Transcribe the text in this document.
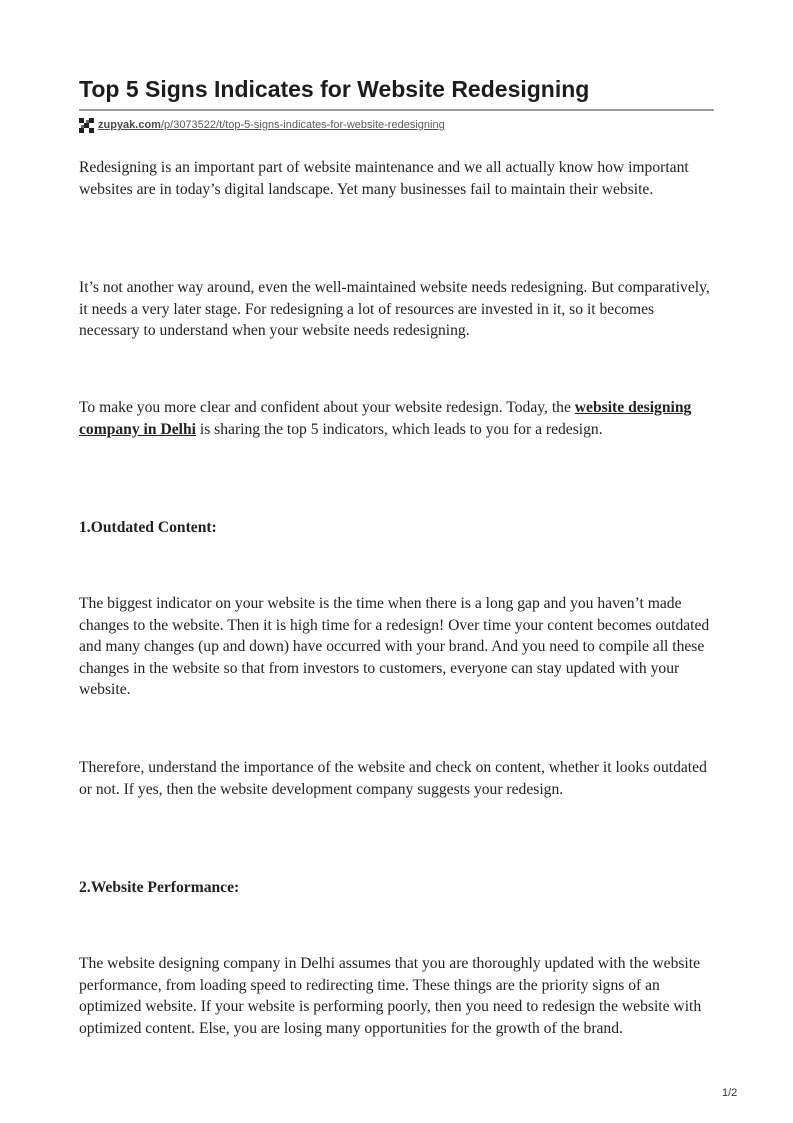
Top 5 Signs Indicates for Website Redesigning
zupyak.com/p/3073522/t/top-5-signs-indicates-for-website-redesigning

Redesigning is an important part of website maintenance and we all actually know how important websites are in today’s digital landscape. Yet many businesses fail to maintain their website.

It’s not another way around, even the well-maintained website needs redesigning. But comparatively, it needs a very later stage. For redesigning a lot of resources are invested in it, so it becomes necessary to understand when your website needs redesigning.

To make you more clear and confident about your website redesign. Today, the website designing company in Delhi is sharing the top 5 indicators, which leads to you for a redesign.

1.Outdated Content:

The biggest indicator on your website is the time when there is a long gap and you haven’t made changes to the website. Then it is high time for a redesign! Over time your content becomes outdated and many changes (up and down) have occurred with your brand. And you need to compile all these changes in the website so that from investors to customers, everyone can stay updated with your website.

Therefore, understand the importance of the website and check on content, whether it looks outdated or not. If yes, then the website development company suggests your redesign.

2.Website Performance:

The website designing company in Delhi assumes that you are thoroughly updated with the website performance, from loading speed to redirecting time. These things are the priority signs of an optimized website. If your website is performing poorly, then you need to redesign the website with optimized content. Else, you are losing many opportunities for the growth of the brand.

1/2
